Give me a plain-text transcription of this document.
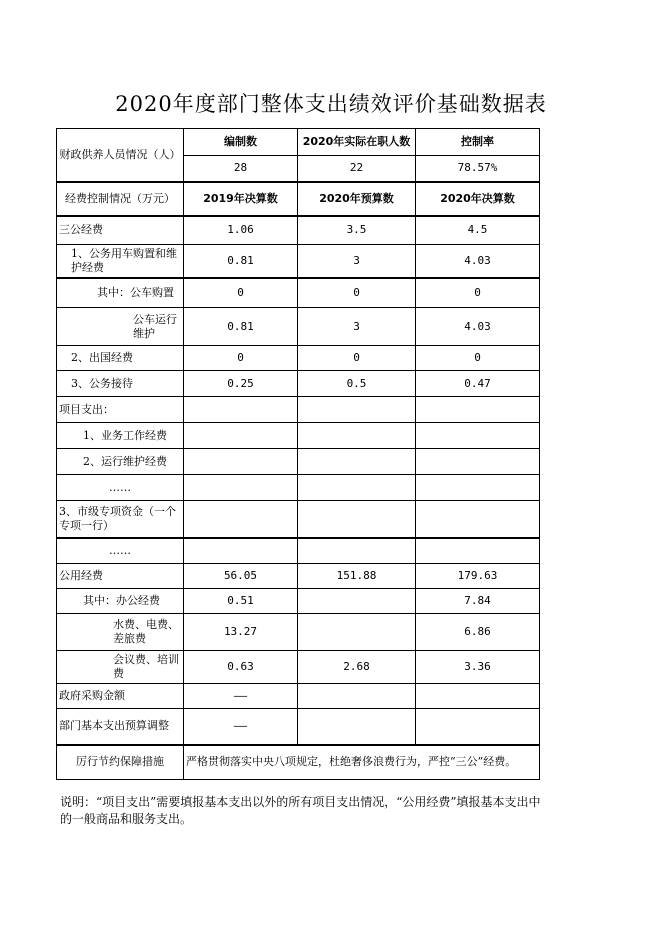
2020年度部门整体支出绩效评价基础数据表
财政供养人员情况（人）	编制数	2020年实际在职人数	控制率
	28	22	78.57%
经费控制情况（万元）	2019年决算数	2020年预算数	2020年决算数
三公经费	1.06	3.5	4.5
1、公务用车购置和维护经费	0.81	3	4.03
其中：公车购置	0	0	0
公车运行维护	0.81	3	4.03
2、出国经费	0	0	0
3、公务接待	0.25	0.5	0.47
项目支出：			
1、业务工作经费			
2、运行维护经费			
……			
3、市级专项资金（一个专项一行）			
……			
公用经费	56.05	151.88	179.63
其中：办公经费	0.51		7.84
水费、电费、差旅费	13.27		6.86
会议费、培训费	0.63	2.68	3.36
政府采购金额	——		
部门基本支出预算调整	——		
厉行节约保障措施	严格贯彻落实中央八项规定，杜绝奢侈浪费行为，严控“三公”经费。		
说明：“项目支出”需要填报基本支出以外的所有项目支出情况，“公用经费”填报基本支出中的一般商品和服务支出。
